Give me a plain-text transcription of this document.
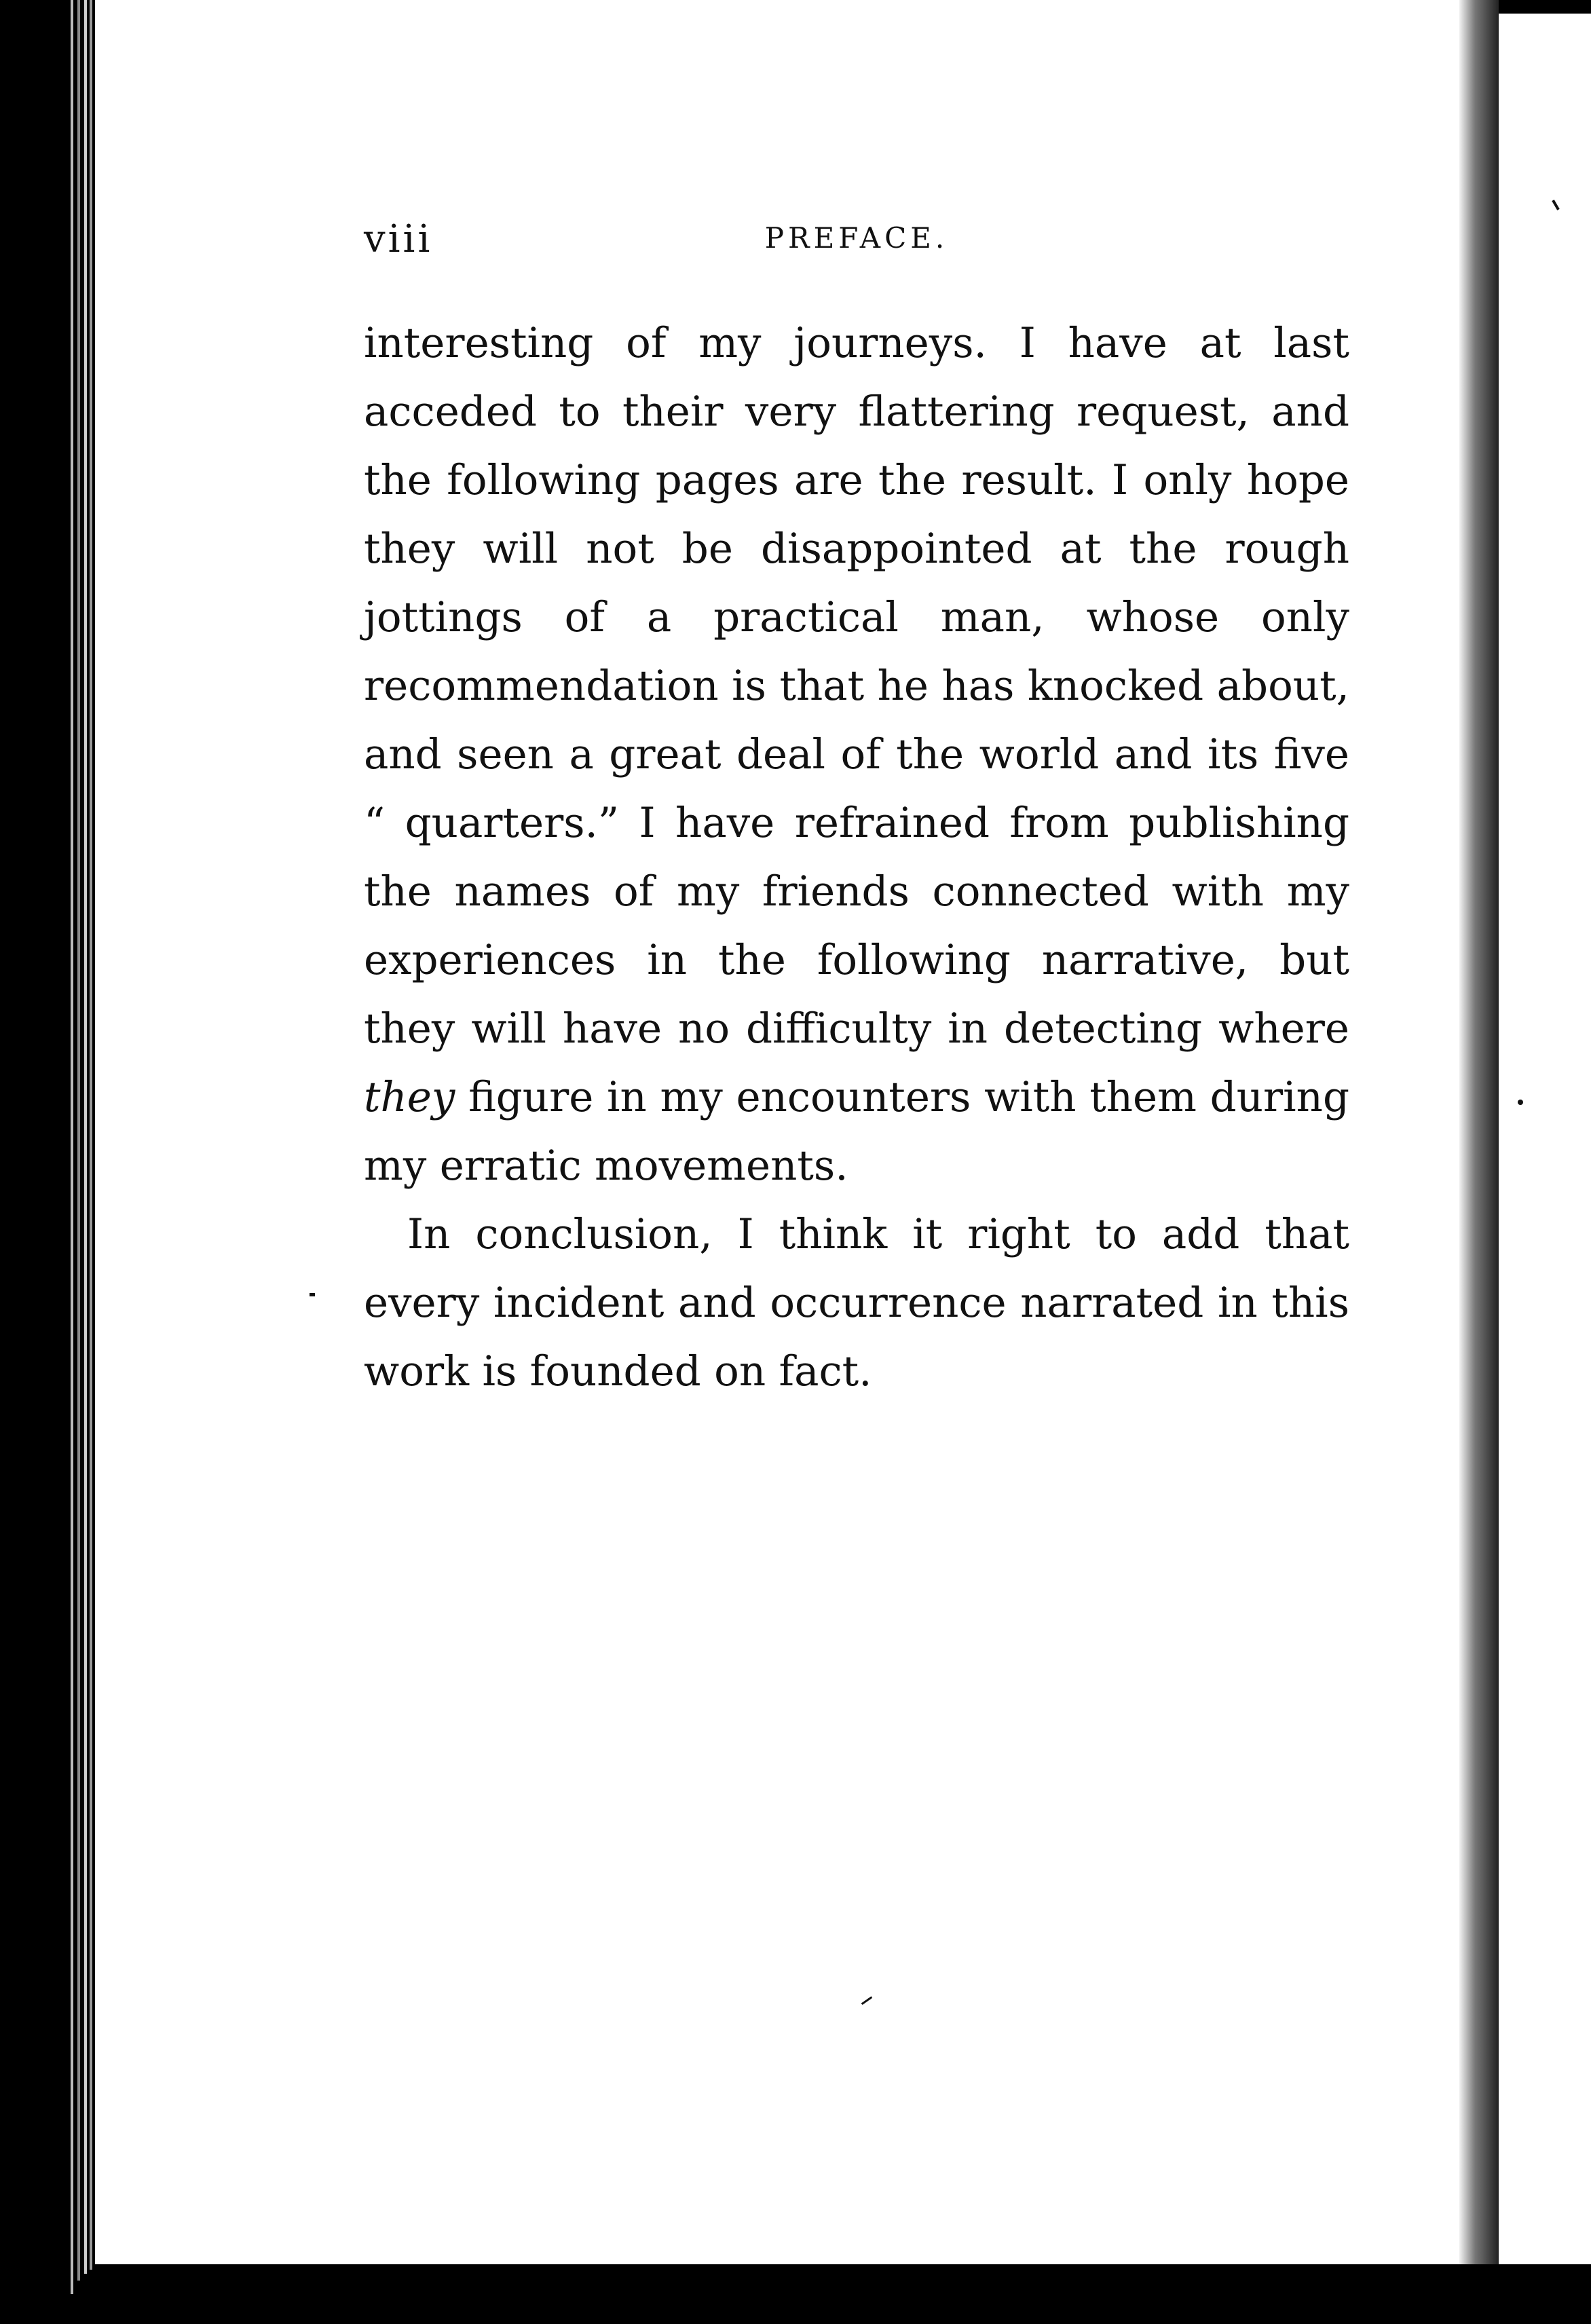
viii	PREFACE.

interesting of my journeys. I have at last acceded to their very flattering request, and the following pages are the result. I only hope they will not be disappointed at the rough jottings of a practical man, whose only recommendation is that he has knocked about, and seen a great deal of the world and its five “ quarters.” I have refrained from publishing the names of my friends connected with my experiences in the following narrative, but they will have no difficulty in detecting where they figure in my encounters with them during my erratic movements.

In conclusion, I think it right to add that every incident and occurrence narrated in this work is founded on fact.
